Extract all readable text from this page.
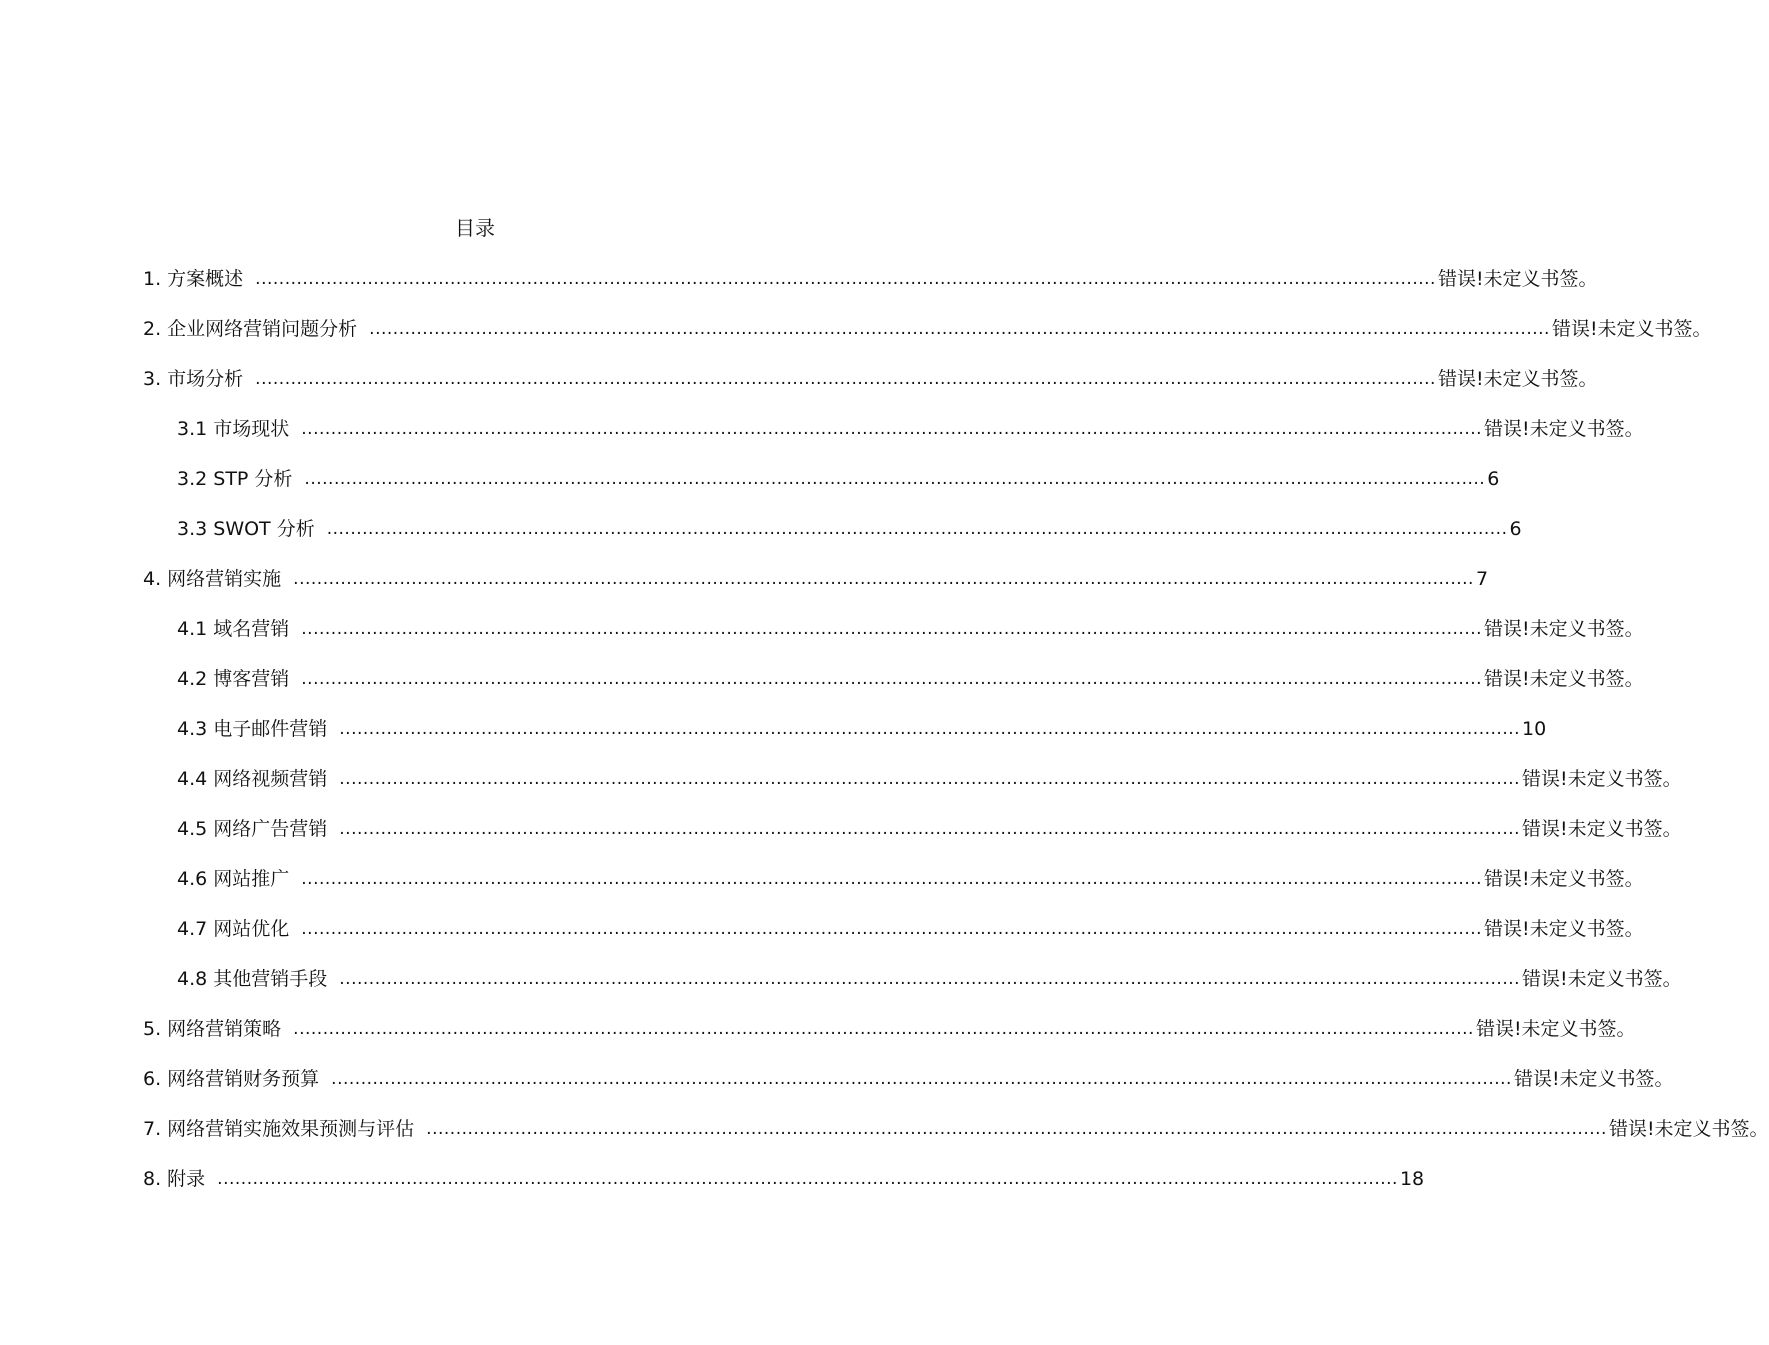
目录
1. 方案概述 ........................................................................................................................................................................................................ 错误!未定义书签。
2. 企业网络营销问题分析 ........................................................................................................................................................................................................ 错误!未定义书签。
3. 市场分析 ........................................................................................................................................................................................................ 错误!未定义书签。
3.1 市场现状 ........................................................................................................................................................................................................ 错误!未定义书签。
3.2 STP 分析 ........................................................................................................................................................................................................ 6
3.3 SWOT 分析 ........................................................................................................................................................................................................ 6
4. 网络营销实施 ........................................................................................................................................................................................................ 7
4.1 域名营销 ........................................................................................................................................................................................................ 错误!未定义书签。
4.2 博客营销 ........................................................................................................................................................................................................ 错误!未定义书签。
4.3 电子邮件营销 ........................................................................................................................................................................................................ 10
4.4 网络视频营销 ........................................................................................................................................................................................................ 错误!未定义书签。
4.5 网络广告营销 ........................................................................................................................................................................................................ 错误!未定义书签。
4.6 网站推广 ........................................................................................................................................................................................................ 错误!未定义书签。
4.7 网站优化 ........................................................................................................................................................................................................ 错误!未定义书签。
4.8 其他营销手段 ........................................................................................................................................................................................................ 错误!未定义书签。
5. 网络营销策略 ........................................................................................................................................................................................................ 错误!未定义书签。
6. 网络营销财务预算 ........................................................................................................................................................................................................ 错误!未定义书签。
7. 网络营销实施效果预测与评估 ........................................................................................................................................................................................................ 错误!未定义书签。
8. 附录 ........................................................................................................................................................................................................ 18
